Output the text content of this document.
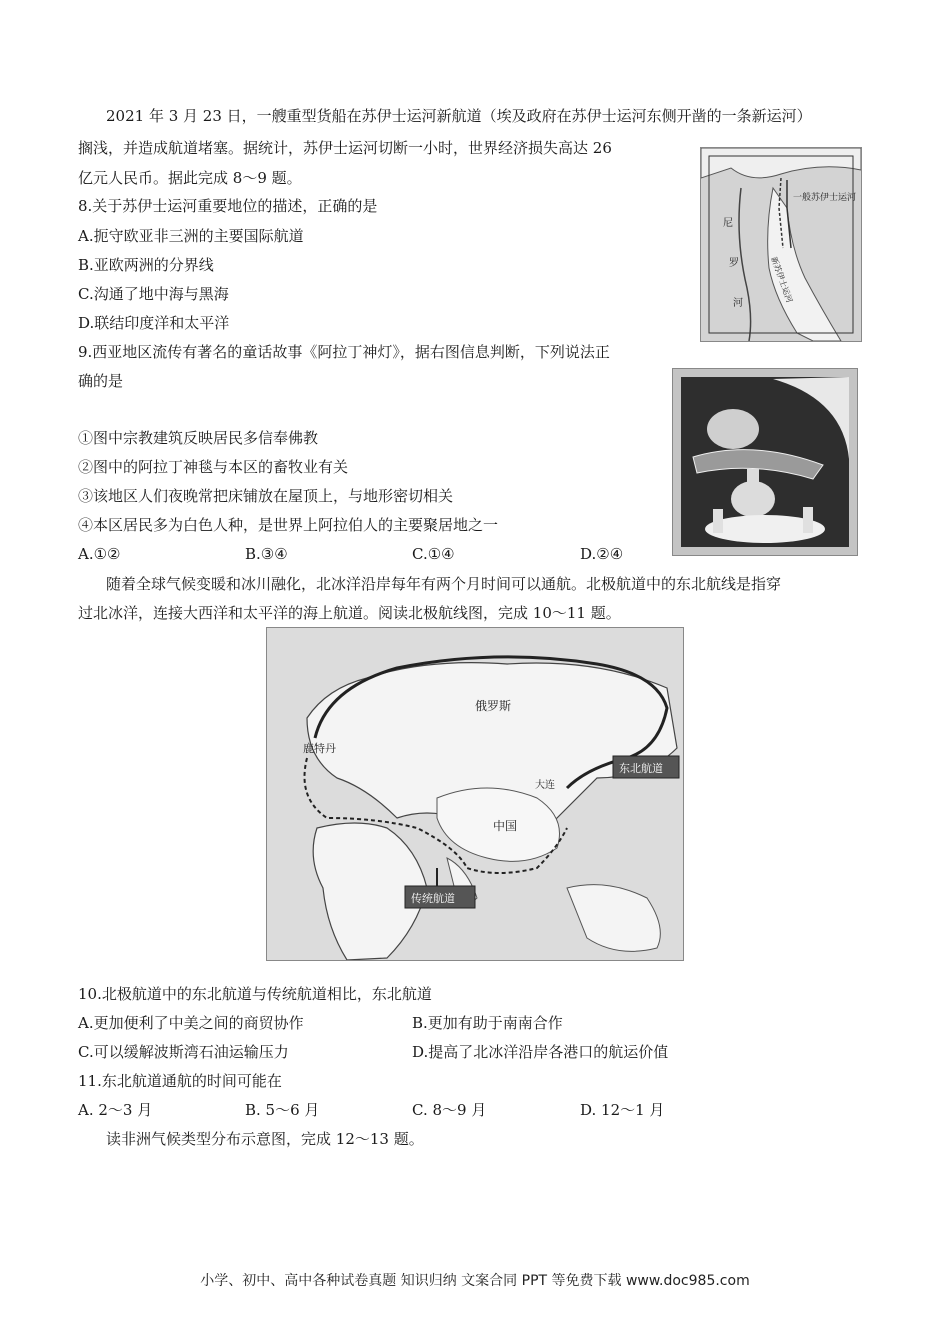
2021 年 3 月 23 日，一艘重型货船在苏伊士运河新航道（埃及政府在苏伊士运河东侧开凿的一条新运河）
搁浅，并造成航道堵塞。据统计，苏伊士运河切断一小时，世界经济损失高达 26
亿元人民币。据此完成 8～9 题。
8.关于苏伊士运河重要地位的描述，正确的是
A.扼守欧亚非三洲的主要国际航道
B.亚欧两洲的分界线
C.沟通了地中海与黑海
D.联结印度洋和太平洋
一般苏伊士运河
新苏伊士运河
尼
罗
河
9.西亚地区流传有著名的童话故事《阿拉丁神灯》，据右图信息判断，下列说法正
确的是
①图中宗教建筑反映居民多信奉佛教
②图中的阿拉丁神毯与本区的畜牧业有关
③该地区人们夜晚常把床铺放在屋顶上，与地形密切相关
④本区居民多为白色人种，是世界上阿拉伯人的主要聚居地之一
A.①②	B.③④	C.①④	D.②④
随着全球气候变暖和冰川融化，北冰洋沿岸每年有两个月时间可以通航。北极航道中的东北航线是指穿
过北冰洋，连接大西洋和太平洋的海上航道。阅读北极航线图，完成 10～11 题。
俄罗斯
中国
鹿特丹
大连
东北航道
传统航道
10.北极航道中的东北航道与传统航道相比，东北航道
A.更加便利了中美之间的商贸协作	B.更加有助于南南合作
C.可以缓解波斯湾石油运输压力	D.提高了北冰洋沿岸各港口的航运价值
11.东北航道通航的时间可能在
A. 2～3 月	B. 5～6 月	C. 8～9 月	D. 12～1 月
读非洲气候类型分布示意图，完成 12～13 题。
小学、初中、高中各种试卷真题 知识归纳 文案合同 PPT 等免费下载 www.doc985.com
